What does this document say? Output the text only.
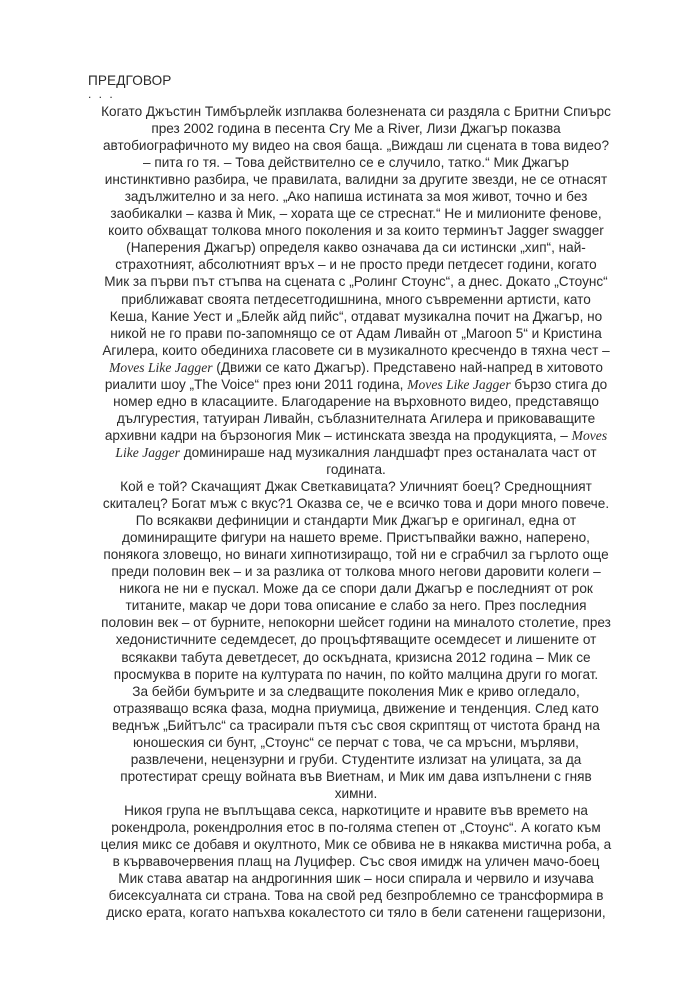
ПРЕДГОВОР
. . .
Когато Джъстин Тимбърлейк изплаква болезнената си раздяла с Бритни Спиърс
през 2002 година в песента Cry Me a River, Лизи Джагър показва
автобиографичното му видео на своя баща. „Виждаш ли сцената в това видео?
– пита го тя. – Това действително се е случило, татко.“ Мик Джагър
инстинктивно разбира, че правилата, валидни за другите звезди, не се отнасят
задължително и за него. „Ако напиша истината за моя живот, точно и без
заобикалки – казва ѝ Мик, – хората ще се стреснат.“ Не и милионите фенове,
които обхващат толкова много поколения и за които терминът Jagger swagger
(Наперения Джагър) определя какво означава да си истински „хип“, най-
страхотният, абсолютният връх – и не просто преди петдесет години, когато
Мик за първи път стъпва на сцената с „Ролинг Стоунс“, а днес. Докато „Стоунс“
приближават своята петдесетгодишнина, много съвременни артисти, като
Кеша, Кание Уест и „Блейк айд пийс“, отдават музикална почит на Джагър, но
никой не го прави по-запомнящо се от Адам Ливайн от „Maroon 5“ и Кристина
Агилера, които обединиха гласовете си в музикалното кресчендо в тяхна чест –
Moves Like Jagger (Движи се като Джагър). Представено най-напред в хитовото
риалити шоу „The Voice“ през юни 2011 година, Moves Like Jagger бързо стига до
номер едно в класациите. Благодарение на върховното видео, представящо
дългурестия, татуиран Ливайн, съблазнителната Агилера и приковаващите
архивни кадри на бързоногия Мик – истинската звезда на продукцията, – Moves
Like Jagger доминираше над музикалния ландшафт през останалата част от
годината.
Кой е той? Скачащият Джак Светкавицата? Уличният боец? Среднощният
скиталец? Богат мъж с вкус?1 Оказва се, че е всичко това и дори много повече.
По всякакви дефиниции и стандарти Мик Джагър е оригинал, една от
доминиращите фигури на нашето време. Пристъпвайки важно, наперено,
понякога зловещо, но винаги хипнотизиращо, той ни е сграбчил за гърлото още
преди половин век – и за разлика от толкова много негови даровити колеги –
никога не ни е пускал. Може да се спори дали Джагър е последният от рок
титаните, макар че дори това описание е слабо за него. През последния
половин век – от бурните, непокорни шейсет години на миналото столетие, през
хедонистичните седемдесет, до процъфтяващите осемдесет и лишените от
всякакви табута деветдесет, до оскъдната, кризисна 2012 година – Мик се
просмуква в порите на културата по начин, по който малцина други го могат.
За бейби бумърите и за следващите поколения Мик е криво огледало,
отразяващо всяка фаза, модна приумица, движение и тенденция. След като
веднъж „Бийтълс“ са трасирали пътя със своя скриптящ от чистота бранд на
юношеския си бунт, „Стоунс“ се перчат с това, че са мръсни, мърляви,
развлечени, нецензурни и груби. Студентите излизат на улицата, за да
протестират срещу войната във Виетнам, и Мик им дава изпълнени с гняв
химни.
Никоя група не въплъщава секса, наркотиците и нравите във времето на
рокендрола, рокендролния етос в по-голяма степен от „Стоунс“. А когато към
целия микс се добавя и окултното, Мик се обвива не в някаква мистична роба, а
в кървавочервения плащ на Луцифер. Със своя имидж на уличен мачо-боец
Мик става аватар на андрогинния шик – носи спирала и червило и изучава
бисексуалната си страна. Това на свой ред безпроблемно се трансформира в
диско ерата, когато напъхва кокалестото си тяло в бели сатенени гащеризони,
